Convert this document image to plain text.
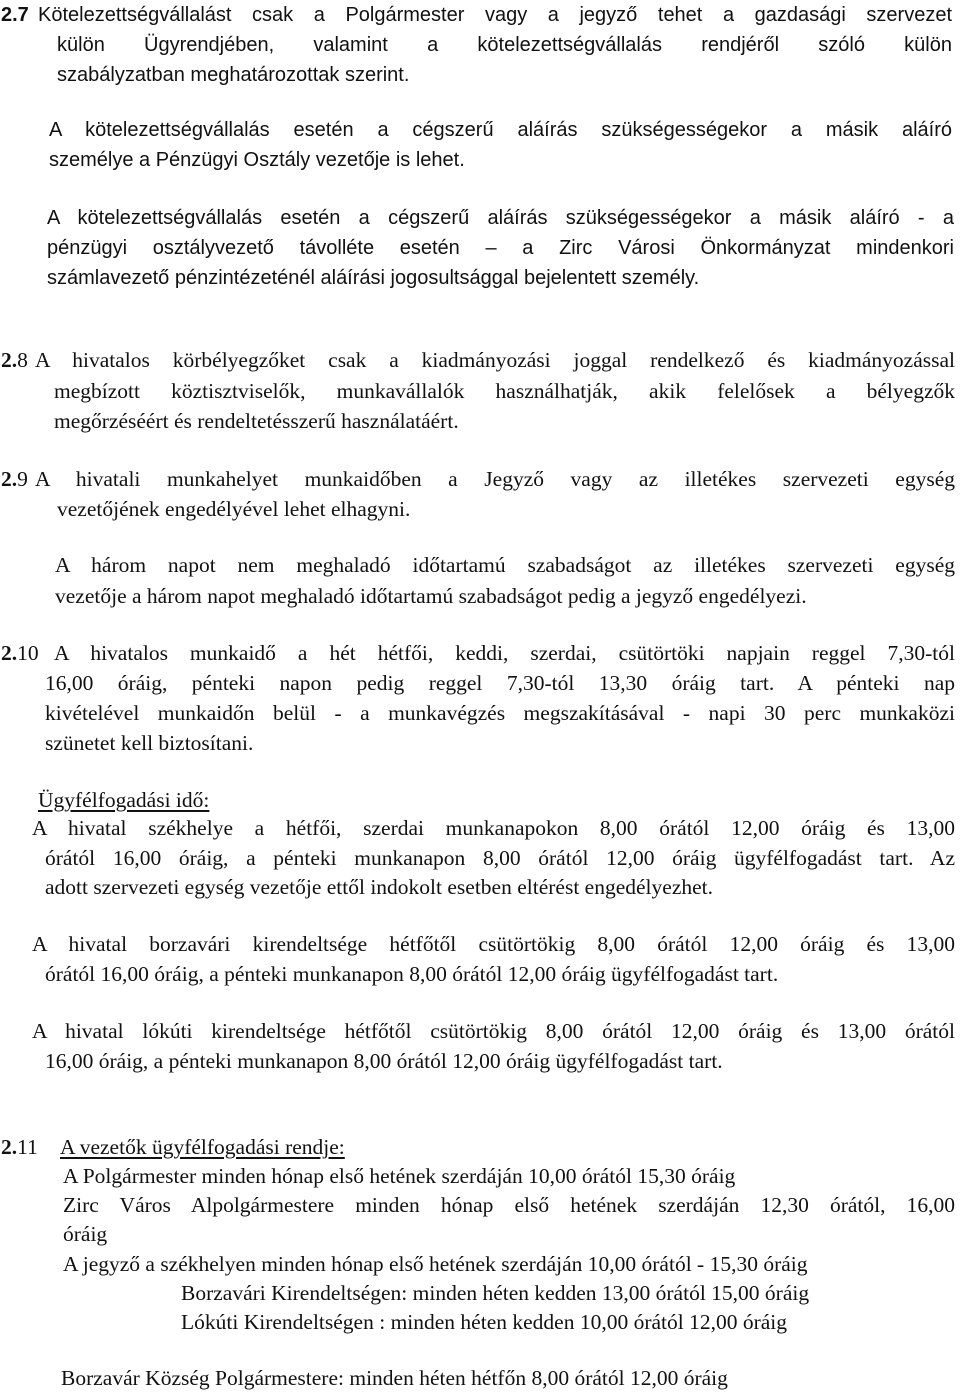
2.7 Kötelezettségvállalást csak a Polgármester vagy a jegyző tehet a gazdasági szervezet
külön Ügyrendjében, valamint a kötelezettségvállalás rendjéről szóló külön
szabályzatban meghatározottak szerint.
A kötelezettségvállalás esetén a cégszerű aláírás szükségességekor a másik aláíró
személye a Pénzügyi Osztály vezetője is lehet.
A kötelezettségvállalás esetén a cégszerű aláírás szükségességekor a másik aláíró - a
pénzügyi osztályvezető távolléte esetén – a Zirc Városi Önkormányzat mindenkori
számlavezető pénzintézeténél aláírási jogosultsággal bejelentett személy.
2.8 A hivatalos körbélyegzőket csak a kiadmányozási joggal rendelkező és kiadmányozással
megbízott köztisztviselők, munkavállalók használhatják, akik felelősek a bélyegzők
megőrzéséért és rendeltetésszerű használatáért.
2.9 A hivatali munkahelyet munkaidőben a Jegyző vagy az illetékes szervezeti egység
vezetőjének engedélyével lehet elhagyni.
A három napot nem meghaladó időtartamú szabadságot az illetékes szervezeti egység
vezetője a három napot meghaladó időtartamú szabadságot pedig a jegyző engedélyezi.
2.10 A hivatalos munkaidő a hét hétfői, keddi, szerdai, csütörtöki napjain reggel 7,30-tól
16,00 óráig, pénteki napon pedig reggel 7,30-tól 13,30 óráig tart. A pénteki nap
kivételével munkaidőn belül - a munkavégzés megszakításával - napi 30 perc munkaközi
szünetet kell biztosítani.
Ügyfélfogadási idő:
A hivatal székhelye a hétfői, szerdai munkanapokon 8,00 órától 12,00 óráig és 13,00
órától 16,00 óráig, a pénteki munkanapon 8,00 órától 12,00 óráig ügyfélfogadást tart. Az
adott szervezeti egység vezetője ettől indokolt esetben eltérést engedélyezhet.
A hivatal borzavári kirendeltsége hétfőtől csütörtökig 8,00 órától 12,00 óráig és 13,00
órától 16,00 óráig, a pénteki munkanapon 8,00 órától 12,00 óráig ügyfélfogadást tart.
A hivatal lókúti kirendeltsége hétfőtől csütörtökig 8,00 órától 12,00 óráig és 13,00 órától
16,00 óráig, a pénteki munkanapon 8,00 órától 12,00 óráig ügyfélfogadást tart.
2.11 A vezetők ügyfélfogadási rendje:
A Polgármester minden hónap első hetének szerdáján 10,00 órától 15,30 óráig
Zirc Város Alpolgármestere minden hónap első hetének szerdáján 12,30 órától, 16,00
óráig
A jegyző a székhelyen minden hónap első hetének szerdáján 10,00 órától - 15,30 óráig
Borzavári Kirendeltségen: minden héten kedden 13,00 órától 15,00 óráig
Lókúti Kirendeltségen : minden héten kedden 10,00 órától 12,00 óráig
Borzavár Község Polgármestere: minden héten hétfőn 8,00 órától 12,00 óráig
